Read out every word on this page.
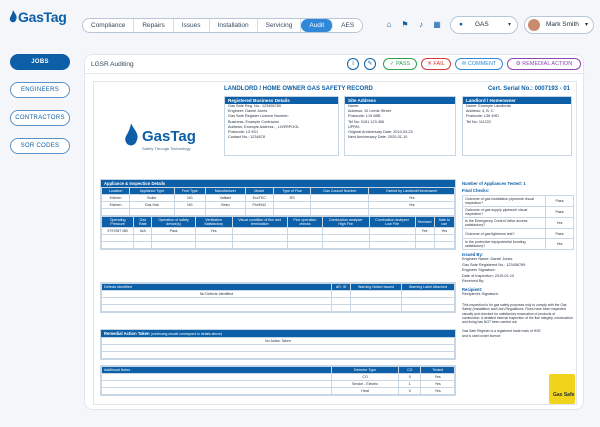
GasTag
Compliance	Repairs	Issues	Installation	Servicing	Audit	AES	⌂	⚑	♪	▦	● GAS	▾	Mark Smith ▾
JOBS
ENGINEERS
CONTRACTORS
SOR CODES
LGSR Auditing	i	✎	✓ PASS	✕ FAIL	✉ COMMENT	⚙ REMEDIAL ACTION
LANDLORD / HOME OWNER GAS SAFETY RECORD	Cert. Serial No.: 0007193 - 01
GasTag
Safety Through Technology
Registered Business Details
Gas Safe Reg. No.: 123456789
Engineer: Daniel Jones
Gas Safe Register Licence Number:
Business: Example Contractor
Address: Example Address, , LIVERPOOL
Postcode: L3 9SJ
Contact No.: 1234678
Site Address
Name:
Address: 10 Leeds Street
Postcode: L19 6BB
Tel No: 0151 123 456
UPRN:
Original Anniversary Date: 2019-03-23
Next Anniversary Date: 2020-01-10
Landlord / Homeowner
Name: Example Landlords
Address: 4, B, C
Postcode: L36 4HD
Tel No: 111222
Appliance & Inspection Details
Location	Appliance Type	Fuel Type	Manufacturer	Model	Type of Flue	Gas Council Number	Owned by Landlord/Homeowner
Kitchen	Boiler	NG	Vaillant	EcoTEC	RS		Yes
Kitchen	Gas Hob	NG	Beko	Pro9942			Yes

Operating Pressure	Gas Rate	Operation of safety device(s)	Ventilation Satisfactory	Visual condition of flue and termination	Flue operation checks	Combustion analyser High Fire	Combustion analyser Low Fire	Serviced	Safe to use
9797987 MB	N/A	Pass	Yes					Yes	Yes

Defects Identified	AR, ID	Warning Notice Issued	Warning Label Attached
No Defects Identified			

Remedial Action Taken (continuing should correspond to details above)
No Action Taken

Additional Notes	Detector Type	CO	Tested
	CO	0	Yes
	Smoke - Electric	1	Yes
	Heat	0	Yes
Number of Appliances Tested: 1
Final Checks:
Outcome of gas installation pipework visual inspection?	Pass
Outcome of gas supply pipework visual inspection?	Pass
Is the Emergency Control Valve access satisfactory?	Yes
Outcome of gas tightness test?	Pass
Is the protective equipotential bonding satisfactory?	Yes
Issued By:
Engineer Name: Daniel Jones
Gas Safe Registered No.: 123456789
Engineer Signature:
Date of Inspection: 2019-01-10
Received By:
Recipient:
Recipient's Signature:
This inspection is for gas safety purposes only to comply with the Gas Safety (Installation and Use) Regulations. Flues have been inspected visually and checked for satisfactory evacuation of products of combustion. A detailed internal inspection of the flue integrity, construction and lining has NOT been carried out.
Gas Safe Register is a registered trade mark of HSE and is used under licence
Gas Safe
